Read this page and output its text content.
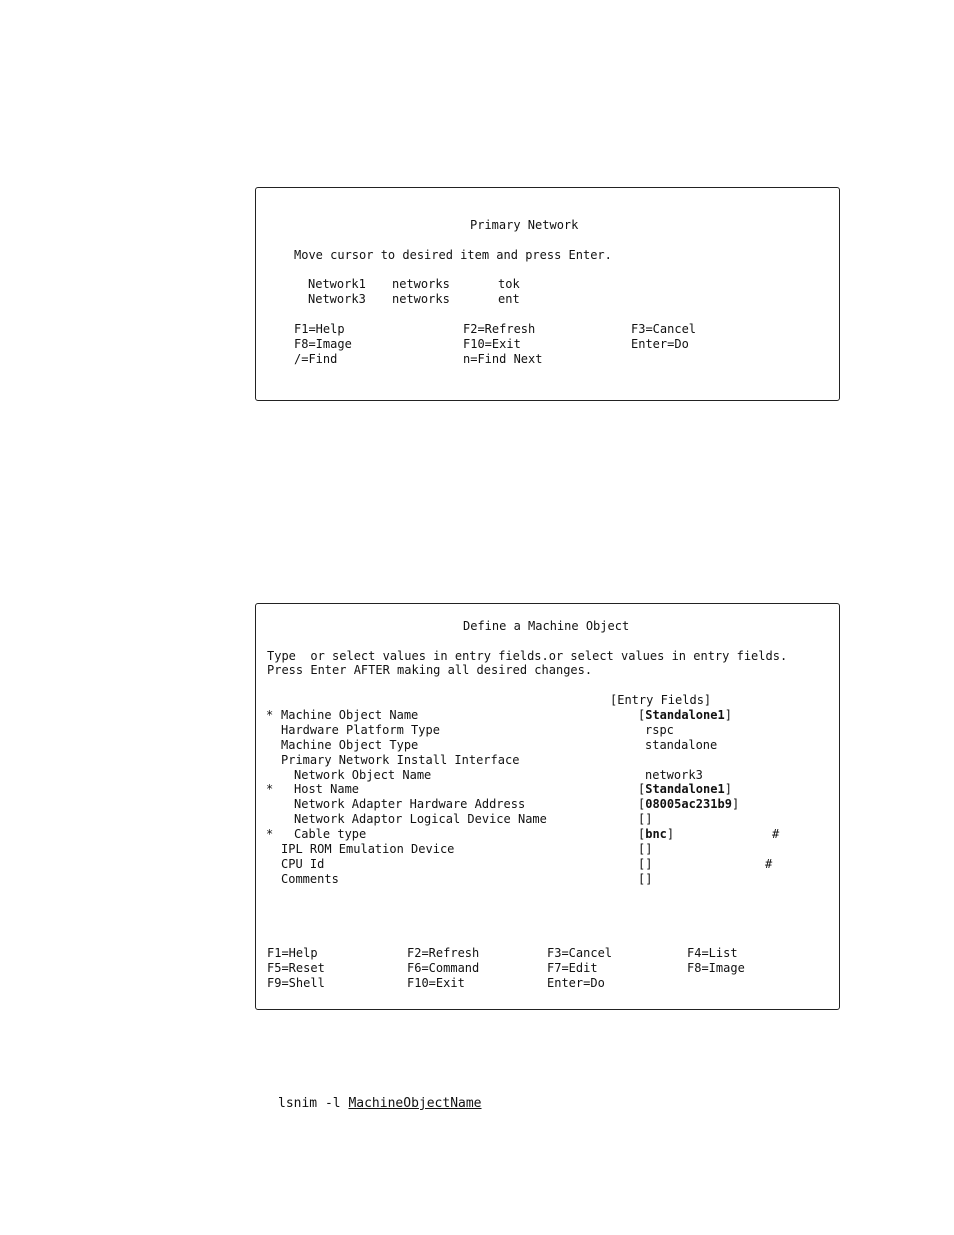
Primary Network
Move cursor to desired item and press Enter.
Network1 networks	tok
Network3 networks	ent
F1=Help	F2=Refresh	F3=Cancel
F8=Image	F10=Exit	Enter=Do
/=Find	n=Find Next
Define a Machine Object
Type  or select values in entry fields.or select values in entry fields.
Press Enter AFTER making all desired changes.
[Entry Fields]
* Machine Object Name	[Standalone1]
Hardware Platform Type	rspc
Machine Object Type	standalone
Primary Network Install Interface
Network Object Name	network3
* Host Name	[Standalone1]
Network Adapter Hardware Address	[08005ac231b9]
Network Adaptor Logical Device Name	[]
* Cable type	[bnc]	#
IPL ROM Emulation Device	[]
CPU Id	[]	#
Comments	[]
F1=Help	F2=Refresh	F3=Cancel	F4=List
F5=Reset	F6=Command	F7=Edit	F8=Image
F9=Shell	F10=Exit	Enter=Do
lsnim -l MachineObjectName
